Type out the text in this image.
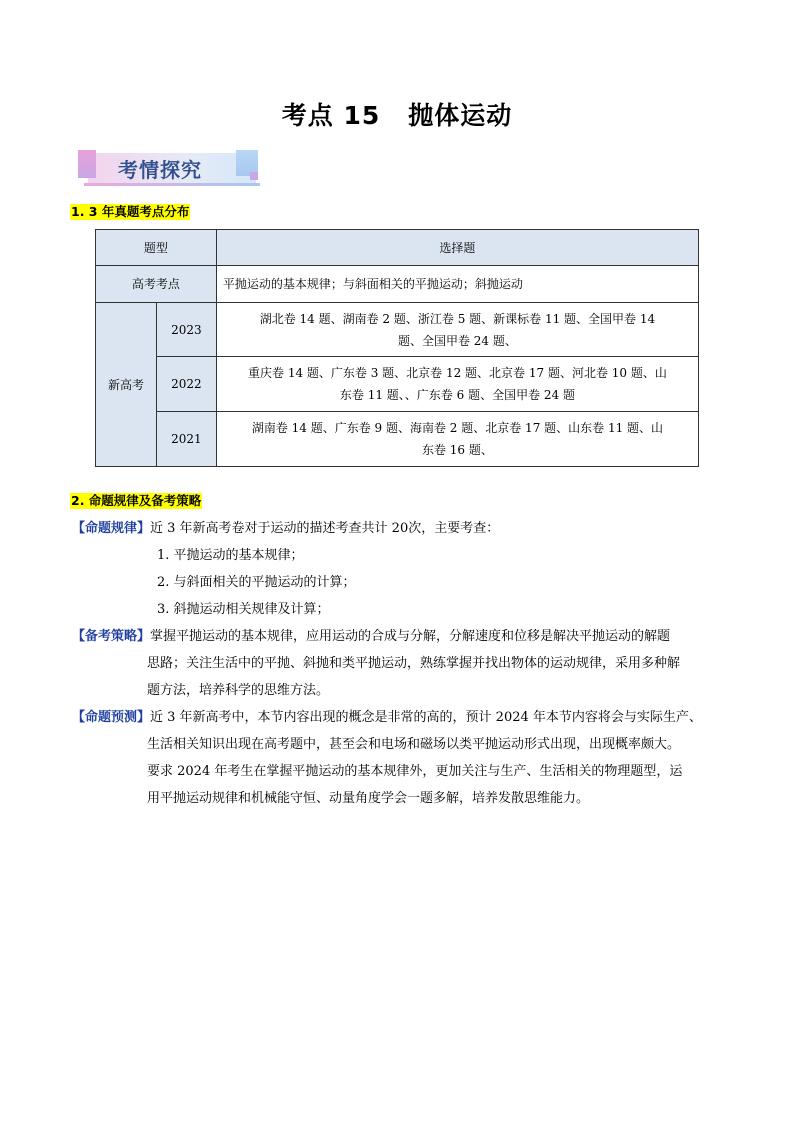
考点 15 抛体运动
考情探究
1. 3 年真题考点分布
题型		选择题
高考考点		平抛运动的基本规律；与斜面相关的平抛运动；斜抛运动
新高考	2023	湖北卷 14 题、湖南卷 2 题、浙江卷 5 题、新课标卷 11 题、全国甲卷 14
题、全国甲卷 24 题、
	2022	重庆卷 14 题、广东卷 3 题、北京卷 12 题、北京卷 17 题、河北卷 10 题、山
东卷 11 题、、广东卷 6 题、全国甲卷 24 题
	2021	湖南卷 14 题、广东卷 9 题、海南卷 2 题、北京卷 17 题、山东卷 11 题、山
东卷 16 题、
2. 命题规律及备考策略
【命题规律】近 3 年新高考卷对于运动的描述考查共计 20次，主要考查：
1. 平抛运动的基本规律；
2. 与斜面相关的平抛运动的计算；
3. 斜抛运动相关规律及计算；
【备考策略】掌握平抛运动的基本规律，应用运动的合成与分解，分解速度和位移是解决平抛运动的解题
思路；关注生活中的平抛、斜抛和类平抛运动，熟练掌握并找出物体的运动规律，采用多种解
题方法，培养科学的思维方法。
【命题预测】近 3 年新高考中，本节内容出现的概念是非常的高的，预计 2024 年本节内容将会与实际生产、
生活相关知识出现在高考题中，甚至会和电场和磁场以类平抛运动形式出现，出现概率颇大。
要求 2024 年考生在掌握平抛运动的基本规律外，更加关注与生产、生活相关的物理题型，运
用平抛运动规律和机械能守恒、动量角度学会一题多解，培养发散思维能力。
